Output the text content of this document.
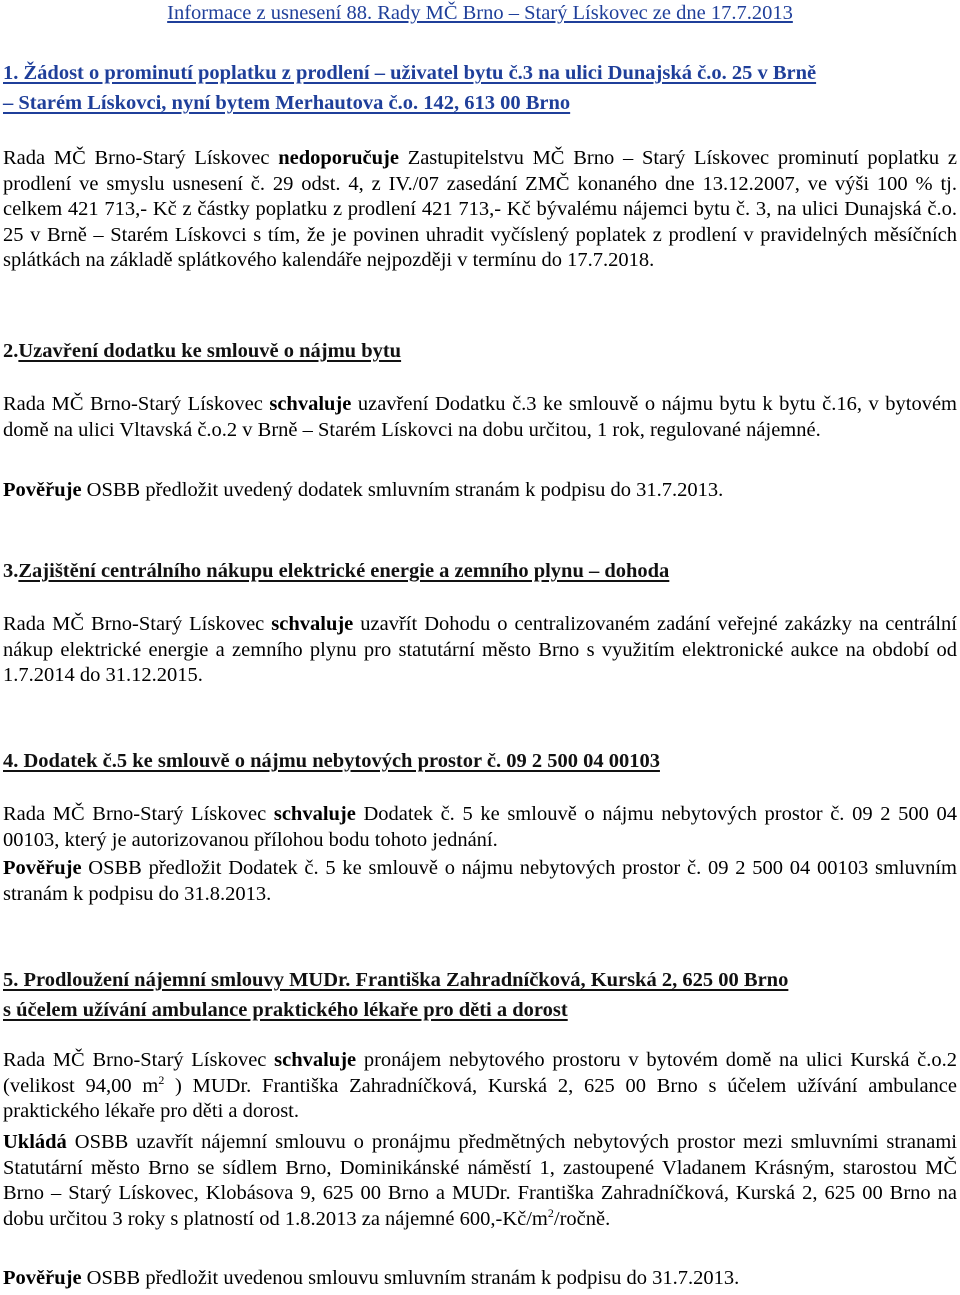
Informace z usnesení 88. Rady MČ Brno – Starý Lískovec ze dne 17.7.2013
1. Žádost o prominutí poplatku z prodlení – uživatel bytu č.3 na ulici Dunajská č.o. 25 v Brně
– Starém Lískovci, nyní bytem Merhautova č.o. 142, 613 00 Brno
Rada MČ Brno-Starý Lískovec nedoporučuje Zastupitelstvu MČ Brno – Starý Lískovec prominutí poplatku z prodlení ve smyslu usnesení č. 29 odst. 4, z IV./07 zasedání ZMČ konaného dne 13.12.2007, ve výši 100 % tj. celkem 421 713,- Kč z částky poplatku z prodlení 421 713,- Kč bývalému nájemci bytu č. 3, na ulici Dunajská č.o. 25 v Brně – Starém Lískovci s tím, že je povinen uhradit vyčíslený poplatek z prodlení v pravidelných měsíčních splátkách na základě splátkového kalendáře nejpozději v termínu do 17.7.2018.
2.Uzavření dodatku ke smlouvě o nájmu bytu
Rada MČ Brno-Starý Lískovec schvaluje uzavření Dodatku č.3 ke smlouvě o nájmu bytu k bytu č.16, v bytovém domě na ulici Vltavská č.o.2 v Brně – Starém Lískovci na dobu určitou, 1 rok, regulované nájemné.
Pověřuje OSBB předložit uvedený dodatek smluvním stranám k podpisu do 31.7.2013.
3.Zajištění centrálního nákupu elektrické energie a zemního plynu – dohoda
Rada MČ Brno-Starý Lískovec schvaluje uzavřít Dohodu o centralizovaném zadání veřejné zakázky na centrální nákup elektrické energie a zemního plynu pro statutární město Brno s využitím elektronické aukce na období od 1.7.2014 do 31.12.2015.
4. Dodatek č.5 ke smlouvě o nájmu nebytových prostor č. 09 2 500 04 00103
Rada MČ Brno-Starý Lískovec schvaluje Dodatek č. 5 ke smlouvě o nájmu nebytových prostor č. 09 2 500 04 00103, který je autorizovanou přílohou bodu tohoto jednání.
Pověřuje OSBB předložit Dodatek č. 5 ke smlouvě o nájmu nebytových prostor č. 09 2 500 04 00103 smluvním stranám k podpisu do 31.8.2013.
5. Prodloužení nájemní smlouvy MUDr. Františka Zahradníčková, Kurská 2, 625 00 Brno
s účelem užívání ambulance praktického lékaře pro děti a dorost
Rada MČ Brno-Starý Lískovec schvaluje pronájem nebytového prostoru v bytovém domě na ulici Kurská č.o.2 (velikost 94,00 $m^2$ ) MUDr. Františka Zahradníčková, Kurská 2, 625 00 Brno s účelem užívání ambulance praktického lékaře pro děti a dorost.
Ukládá OSBB uzavřít nájemní smlouvu o pronájmu předmětných nebytových prostor mezi smluvními stranami Statutární město Brno se sídlem Brno, Dominikánské náměstí 1, zastoupené Vladanem Krásným, starostou MČ Brno – Starý Lískovec, Klobásova 9, 625 00 Brno a MUDr. Františka Zahradníčková, Kurská 2, 625 00 Brno na dobu určitou 3 roky s platností od 1.8.2013 za nájemné $600,-Kč/m^2$/ročně.
Pověřuje OSBB předložit uvedenou smlouvu smluvním stranám k podpisu do 31.7.2013.
